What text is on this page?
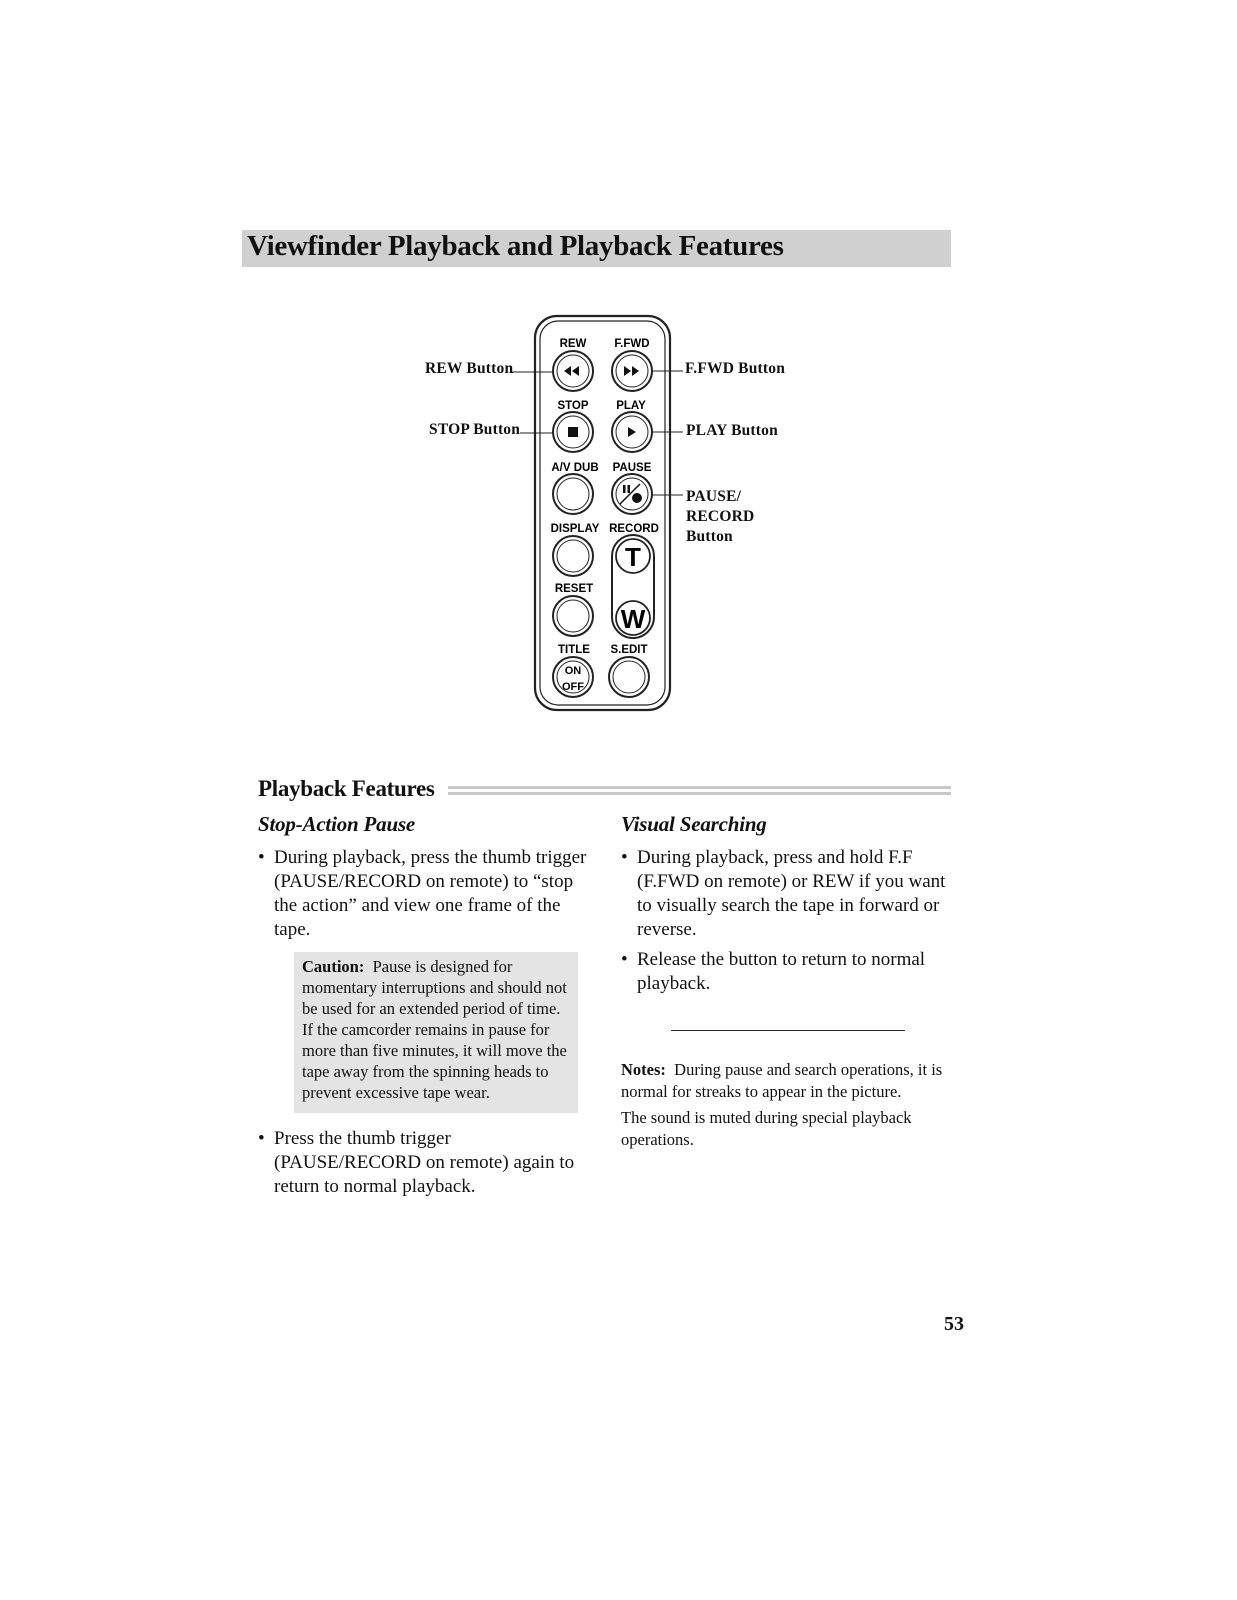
Viewfinder Playback and Playback Features
REW F.FWD
STOP PLAY
A/V DUB PAUSE
DISPLAY RECORD
RESET
TITLE S.EDIT
T
W
ON
OFF
REW Button
STOP Button
F.FWD Button
PLAY Button
PAUSE/
RECORD
Button
Playback Features
Stop-Action Pause
• During playback, press the thumb trigger (PAUSE/RECORD on remote) to “stop the action” and view one frame of the tape.
Caution: Pause is designed for momentary interruptions and should not be used for an extended period of time. If the camcorder remains in pause for more than five minutes, it will move the tape away from the spinning heads to prevent excessive tape wear.
• Press the thumb trigger (PAUSE/RECORD on remote) again to return to normal playback.
Visual Searching
• During playback, press and hold F.F (F.FWD on remote) or REW if you want to visually search the tape in forward or reverse.
• Release the button to return to normal playback.

Notes: During pause and search operations, it is normal for streaks to appear in the picture.

The sound is muted during special playback operations.

53
